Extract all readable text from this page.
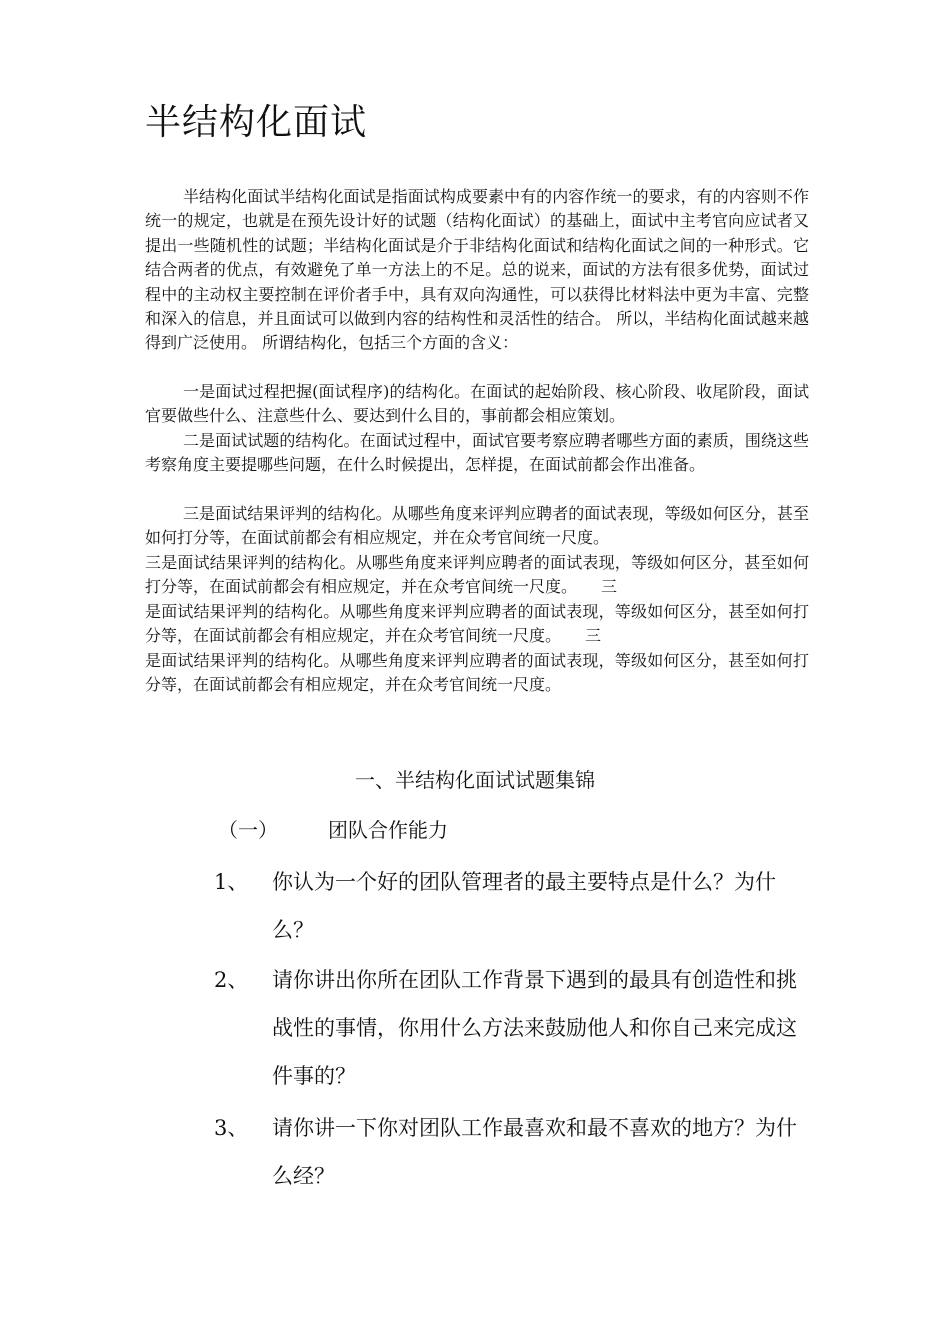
半结构化面试

半结构化面试半结构化面试是指面试构成要素中有的内容作统一的要求，有的内容则不作统一的规定，也就是在预先设计好的试题（结构化面试）的基础上，面试中主考官向应试者又提出一些随机性的试题；半结构化面试是介于非结构化面试和结构化面试之间的一种形式。它结合两者的优点，有效避免了单一方法上的不足。总的说来，面试的方法有很多优势，面试过程中的主动权主要控制在评价者手中，具有双向沟通性，可以获得比材料法中更为丰富、完整和深入的信息，并且面试可以做到内容的结构性和灵活性的结合。 所以，半结构化面试越来越得到广泛使用。 所谓结构化，包括三个方面的含义：

一是面试过程把握(面试程序)的结构化。在面试的起始阶段、核心阶段、收尾阶段，面试官要做些什么、注意些什么、要达到什么目的，事前都会相应策划。

二是面试试题的结构化。在面试过程中，面试官要考察应聘者哪些方面的素质，围绕这些考察角度主要提哪些问题，在什么时候提出，怎样提，在面试前都会作出准备。

三是面试结果评判的结构化。从哪些角度来评判应聘者的面试表现，等级如何区分，甚至如何打分等，在面试前都会有相应规定，并在众考官间统一尺度。

三是面试结果评判的结构化。从哪些角度来评判应聘者的面试表现，等级如何区分，甚至如何打分等，在面试前都会有相应规定，并在众考官间统一尺度。　　三

是面试结果评判的结构化。从哪些角度来评判应聘者的面试表现，等级如何区分，甚至如何打分等，在面试前都会有相应规定，并在众考官间统一尺度。　　三

是面试结果评判的结构化。从哪些角度来评判应聘者的面试表现，等级如何区分，甚至如何打分等，在面试前都会有相应规定，并在众考官间统一尺度。

一、半结构化面试试题集锦
（一）	团队合作能力
1、	你认为一个好的团队管理者的最主要特点是什么？为什么？
2、	请你讲出你所在团队工作背景下遇到的最具有创造性和挑战性的事情，你用什么方法来鼓励他人和你自己来完成这件事的？
3、	请你讲一下你对团队工作最喜欢和最不喜欢的地方？为什么经？
